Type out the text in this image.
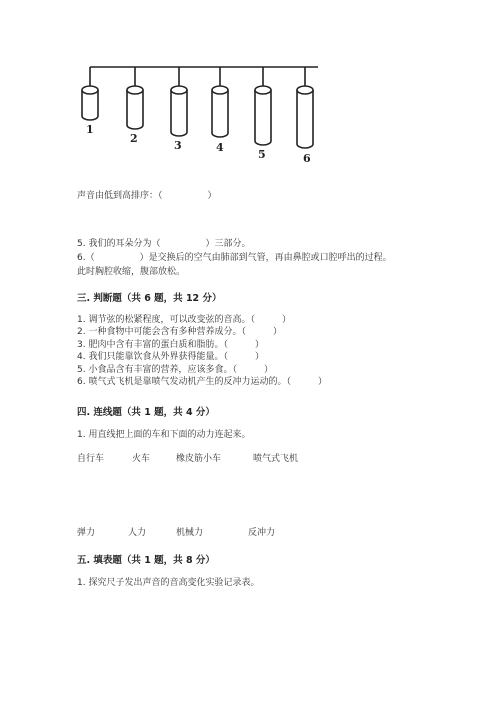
1
2
3	4
5	6
声音由低到高排序：（　　　　　）
5. 我们的耳朵分为（　　　　　）三部分。
6.（　　　　　）是交换后的空气由肺部到气管，再由鼻腔或口腔呼出的过程。
此时胸腔收缩，腹部放松。
三. 判断题（共 6 题，共 12 分）
1. 调节弦的松紧程度，可以改变弦的音高。（　　　）
2. 一种食物中可能会含有多种营养成分。（　　　）
3. 肥肉中含有丰富的蛋白质和脂肪。（　　　）
4. 我们只能靠饮食从外界获得能量。（　　　）
5. 小食品含有丰富的营养，应该多食。（　　　）
6. 喷气式飞机是靠喷气发动机产生的反冲力运动的。（　　　）
四. 连线题（共 1 题，共 4 分）
1. 用直线把上面的车和下面的动力连起来。
自行车	火车	橡皮筋小车	喷气式飞机
弹力	人力	机械力	反冲力
五. 填表题（共 1 题，共 8 分）
1. 探究尺子发出声音的音高变化实验记录表。
